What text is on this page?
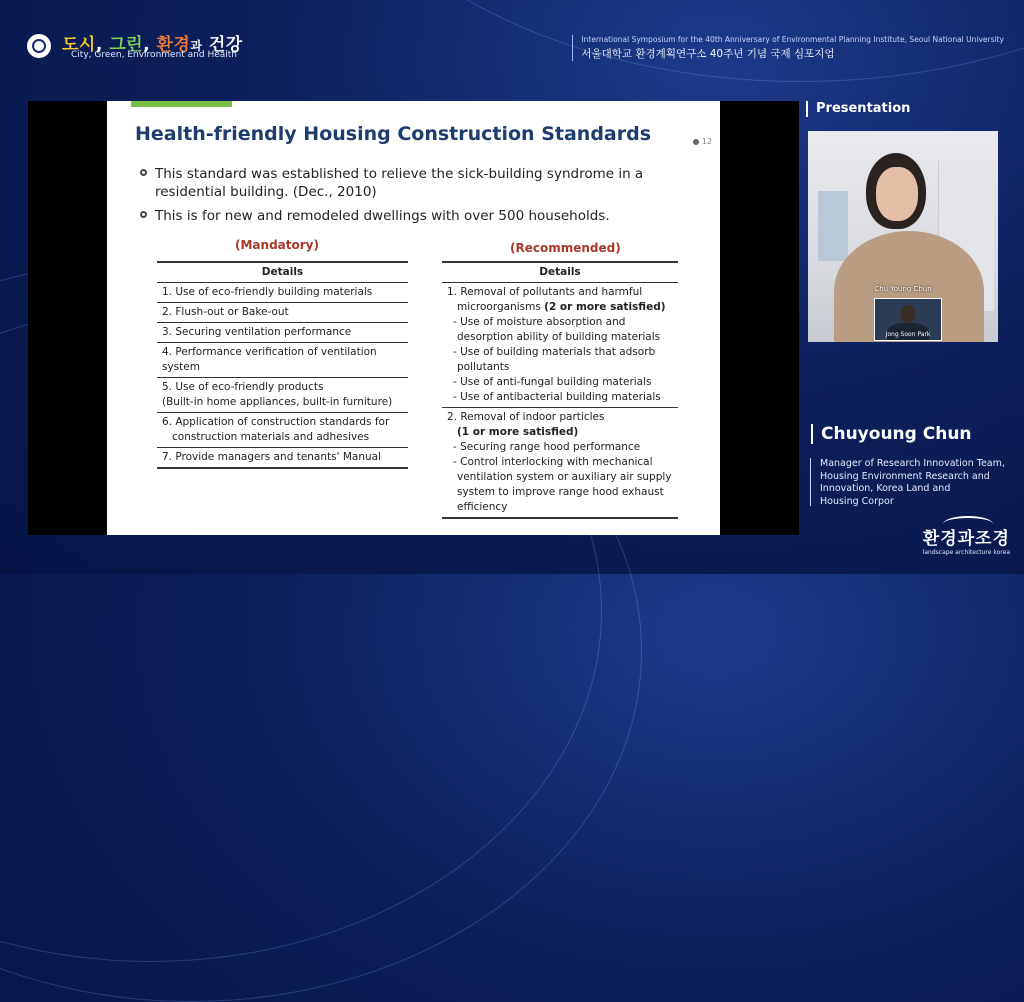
도시, 그린, 환경과 건강
City, Green, Environment and Health
International Symposium for the 40th Anniversary of Environmental Planning Institute, Seoul National University
서울대학교 환경계획연구소 40주년 기념 국제 심포지엄
Health-friendly Housing Construction Standards	12
This standard was established to relieve the sick-building syndrome in a residential building. (Dec., 2010)
This is for new and remodeled dwellings with over 500 households.
(Mandatory)	(Recommended)
Details
1. Use of eco-friendly building materials
2. Flush-out or Bake-out
3. Securing ventilation performance
4. Performance verification of ventilation system
5. Use of eco-friendly products
(Built-in home appliances, built-in furniture)
6. Application of construction standards for

construction materials and adhesives

7. Provide managers and tenants' Manual
Details
1. Removal of pollutants and harmful
microorganisms (2 or more satisfied)
- Use of moisture absorption and
desorption ability of building materials
- Use of building materials that adsorb
pollutants
- Use of anti-fungal building materials
- Use of antibacterial building materials

2. Removal of indoor particles

(1 or more satisfied)
- Securing range hood performance
- Control interlocking with mechanical
ventilation system or auxiliary air supply
system to improve range hood exhaust
efficiency
Presentation
Chu Young Chun
Jong Soon Park
Chuyoung Chun
Manager of Research Innovation Team,
Housing Environment Research and
Innovation, Korea Land and
Housing Corpor
환경과조경
landscape architecture korea
